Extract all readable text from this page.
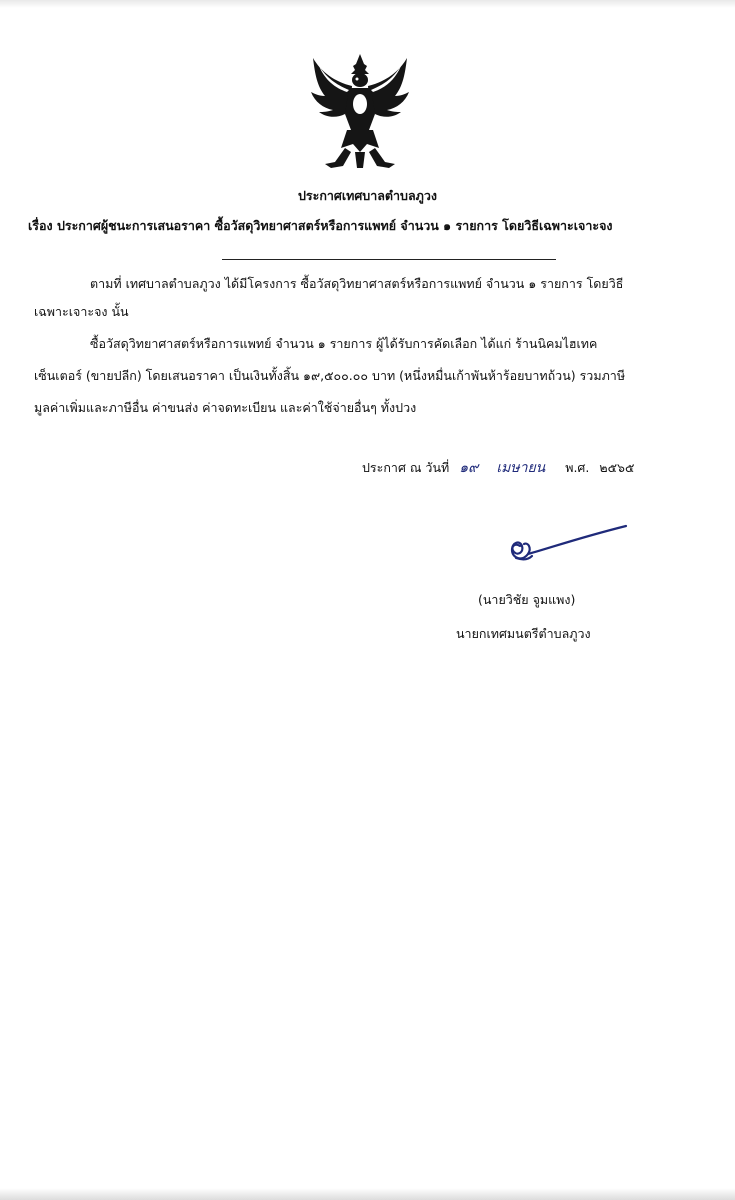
ประกาศเทศบาลตำบลภูวง
เรื่อง ประกาศผู้ชนะการเสนอราคา ซื้อวัสดุวิทยาศาสตร์หรือการแพทย์ จำนวน ๑ รายการ โดยวิธีเฉพาะเจาะจง
ตามที่ เทศบาลตำบลภูวง ได้มีโครงการ ซื้อวัสดุวิทยาศาสตร์หรือการแพทย์ จำนวน ๑ รายการ โดยวิธี
เฉพาะเจาะจง นั้น
ซื้อวัสดุวิทยาศาสตร์หรือการแพทย์ จำนวน ๑ รายการ ผู้ได้รับการคัดเลือก ได้แก่ ร้านนิคมไฮเทค
เซ็นเตอร์ (ขายปลีก) โดยเสนอราคา เป็นเงินทั้งสิ้น ๑๙,๕๐๐.๐๐ บาท (หนึ่งหมื่นเก้าพันห้าร้อยบาทถ้วน) รวมภาษี
มูลค่าเพิ่มและภาษีอื่น ค่าขนส่ง ค่าจดทะเบียน และค่าใช้จ่ายอื่นๆ ทั้งปวง
ประกาศ ณ วันที่ ๑๙ เมษายน พ.ศ. ๒๕๖๕
(นายวิชัย จูมแพง)
นายกเทศมนตรีตำบลภูวง
